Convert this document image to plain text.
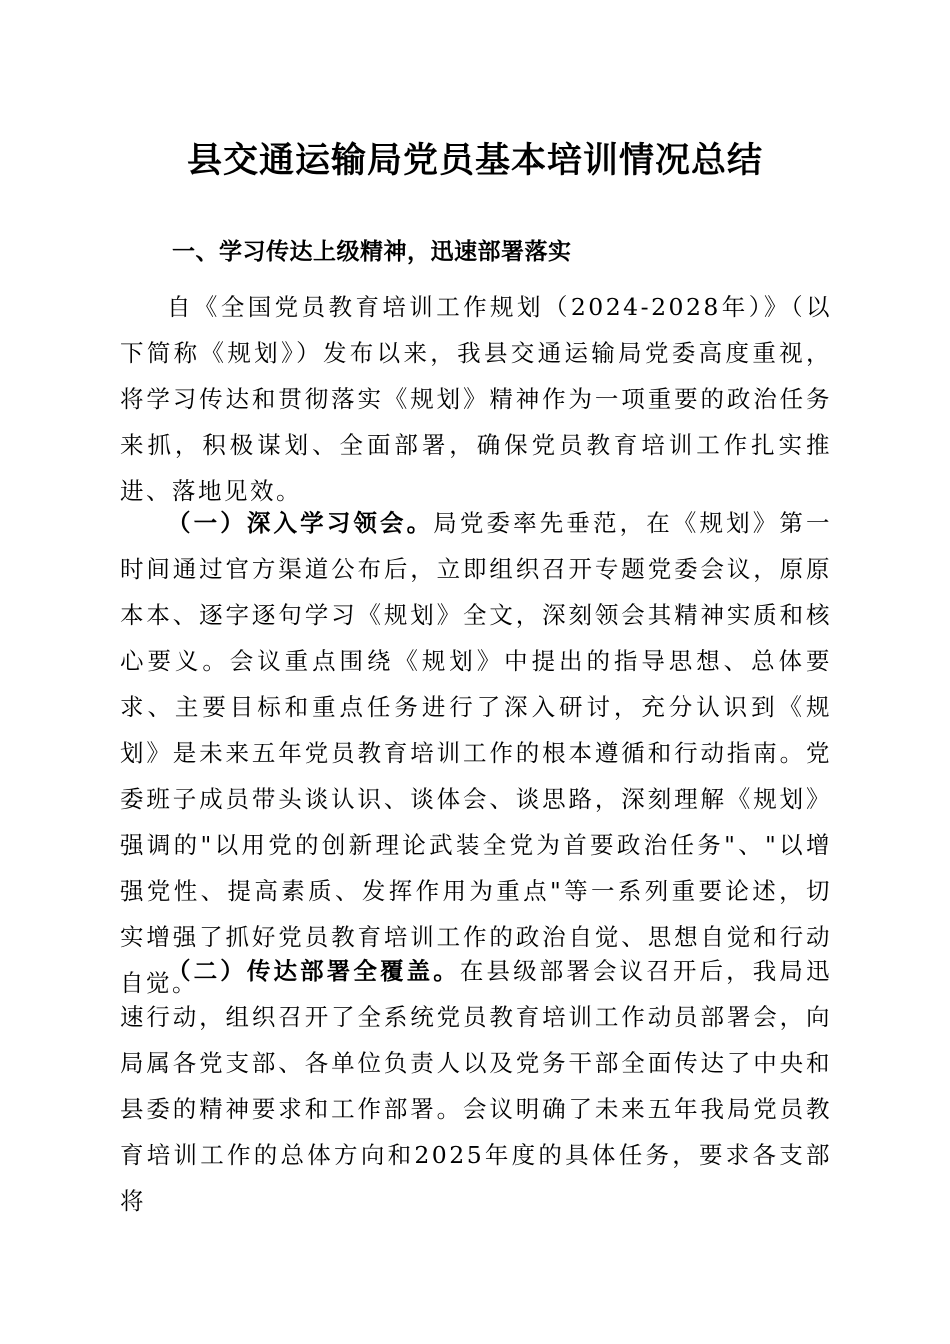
县交通运输局党员基本培训情况总结
一、学习传达上级精神，迅速部署落实

自《全国党员教育培训工作规划（2024-2028年）》（以下简称《规划》）发布以来，我县交通运输局党委高度重视，将学习传达和贯彻落实《规划》精神作为一项重要的政治任务来抓，积极谋划、全面部署，确保党员教育培训工作扎实推进、落地见效。

（一）深入学习领会。局党委率先垂范，在《规划》第一时间通过官方渠道公布后，立即组织召开专题党委会议，原原本本、逐字逐句学习《规划》全文，深刻领会其精神实质和核心要义。会议重点围绕《规划》中提出的指导思想、总体要求、主要目标和重点任务进行了深入研讨，充分认识到《规划》是未来五年党员教育培训工作的根本遵循和行动指南。党委班子成员带头谈认识、谈体会、谈思路，深刻理解《规划》强调的"以用党的创新理论武装全党为首要政治任务"、"以增强党性、提高素质、发挥作用为重点"等一系列重要论述，切实增强了抓好党员教育培训工作的政治自觉、思想自觉和行动自觉。

（二）传达部署全覆盖。在县级部署会议召开后，我局迅速行动，组织召开了全系统党员教育培训工作动员部署会，向局属各党支部、各单位负责人以及党务干部全面传达了中央和县委的精神要求和工作部署。会议明确了未来五年我局党员教育培训工作的总体方向和2025年度的具体任务，要求各支部将
